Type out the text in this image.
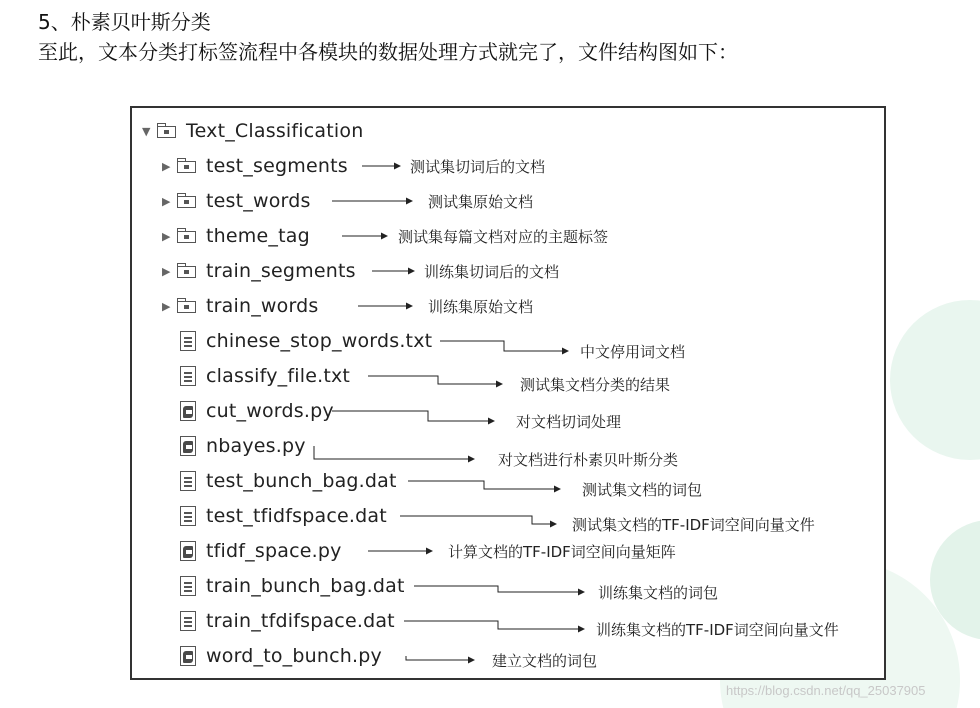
5、朴素贝叶斯分类
至此，文本分类打标签流程中各模块的数据处理方式就完了，文件结构图如下：
▼ Text_Classification
▶ test_segments
▶ test_words
▶ theme_tag
▶ train_segments
▶ train_words
chinese_stop_words.txt
classify_file.txt
cut_words.py
nbayes.py
test_bunch_bag.dat
test_tfidfspace.dat
tfidf_space.py
train_bunch_bag.dat
train_tfdifspace.dat
word_to_bunch.py
测试集切词后的文档
测试集原始文档
测试集每篇文档对应的主题标签
训练集切词后的文档
训练集原始文档
中文停用词文档
测试集文档分类的结果
对文档切词处理
对文档进行朴素贝叶斯分类
测试集文档的词包
测试集文档的TF-IDF词空间向量文件
计算文档的TF-IDF词空间向量矩阵
训练集文档的词包
训练集文档的TF-IDF词空间向量文件
建立文档的词包
https://blog.csdn.net/qq_25037905
